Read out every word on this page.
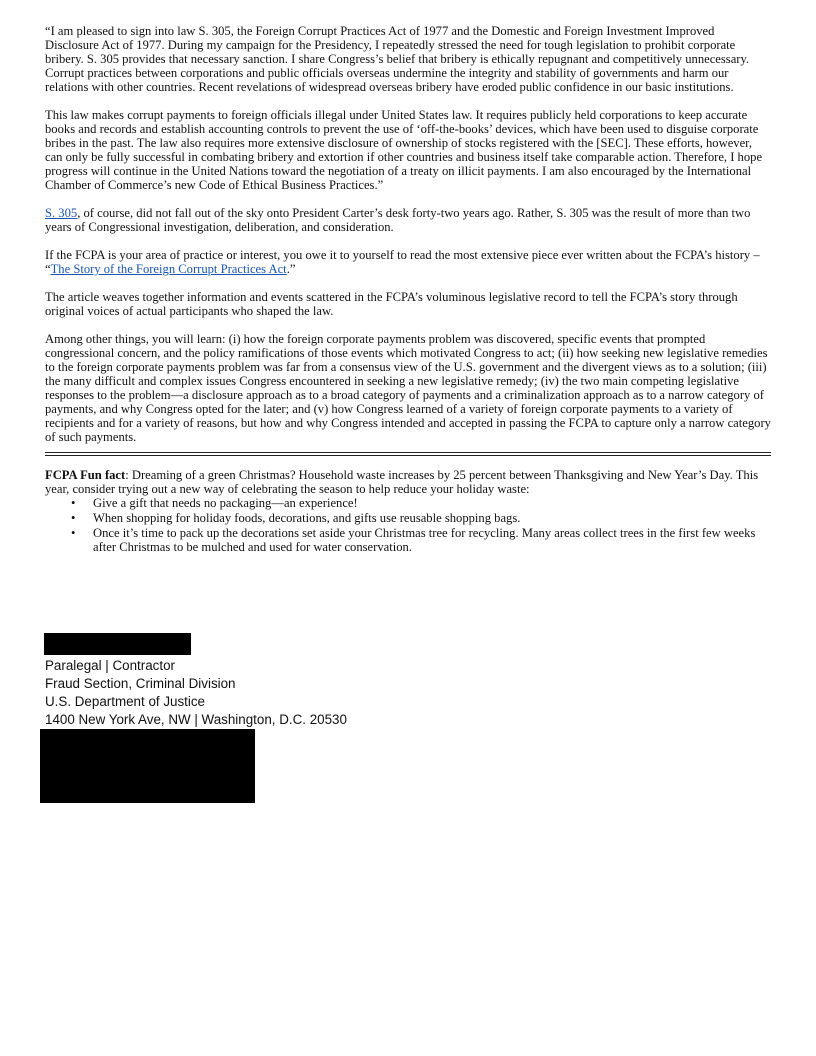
“I am pleased to sign into law S. 305, the Foreign Corrupt Practices Act of 1977 and the Domestic and Foreign Investment Improved Disclosure Act of 1977. During my campaign for the Presidency, I repeatedly stressed the need for tough legislation to prohibit corporate bribery. S. 305 provides that necessary sanction. I share Congress’s belief that bribery is ethically repugnant and competitively unnecessary. Corrupt practices between corporations and public officials overseas undermine the integrity and stability of governments and harm our relations with other countries. Recent revelations of widespread overseas bribery have eroded public confidence in our basic institutions.

This law makes corrupt payments to foreign officials illegal under United States law. It requires publicly held corporations to keep accurate books and records and establish accounting controls to prevent the use of ‘off-the-books’ devices, which have been used to disguise corporate bribes in the past. The law also requires more extensive disclosure of ownership of stocks registered with the [SEC]. These efforts, however, can only be fully successful in combating bribery and extortion if other countries and business itself take comparable action. Therefore, I hope progress will continue in the United Nations toward the negotiation of a treaty on illicit payments. I am also encouraged by the International Chamber of Commerce’s new Code of Ethical Business Practices.”

S. 305, of course, did not fall out of the sky onto President Carter’s desk forty-two years ago. Rather, S. 305 was the result of more than two years of Congressional investigation, deliberation, and consideration.

If the FCPA is your area of practice or interest, you owe it to yourself to read the most extensive piece ever written about the FCPA’s history – “The Story of the Foreign Corrupt Practices Act.”

The article weaves together information and events scattered in the FCPA’s voluminous legislative record to tell the FCPA’s story through original voices of actual participants who shaped the law.

Among other things, you will learn: (i) how the foreign corporate payments problem was discovered, specific events that prompted congressional concern, and the policy ramifications of those events which motivated Congress to act; (ii) how seeking new legislative remedies to the foreign corporate payments problem was far from a consensus view of the U.S. government and the divergent views as to a solution; (iii) the many difficult and complex issues Congress encountered in seeking a new legislative remedy; (iv) the two main competing legislative responses to the problem—a disclosure approach as to a broad category of payments and a criminalization approach as to a narrow category of payments, and why Congress opted for the later; and (v) how Congress learned of a variety of foreign corporate payments to a variety of recipients and for a variety of reasons, but how and why Congress intended and accepted in passing the FCPA to capture only a narrow category of such payments.

FCPA Fun fact: Dreaming of a green Christmas? Household waste increases by 25 percent between Thanksgiving and New Year’s Day. This year, consider trying out a new way of celebrating the season to help reduce your holiday waste:

• Give a gift that needs no packaging—an experience!
• When shopping for holiday foods, decorations, and gifts use reusable shopping bags.
• Once it’s time to pack up the decorations set aside your Christmas tree for recycling. Many areas collect trees in the first few weeks after Christmas to be mulched and used for water conservation.
Paralegal | Contractor
Fraud Section, Criminal Division
U.S. Department of Justice
1400 New York Ave, NW | Washington, D.C. 20530
